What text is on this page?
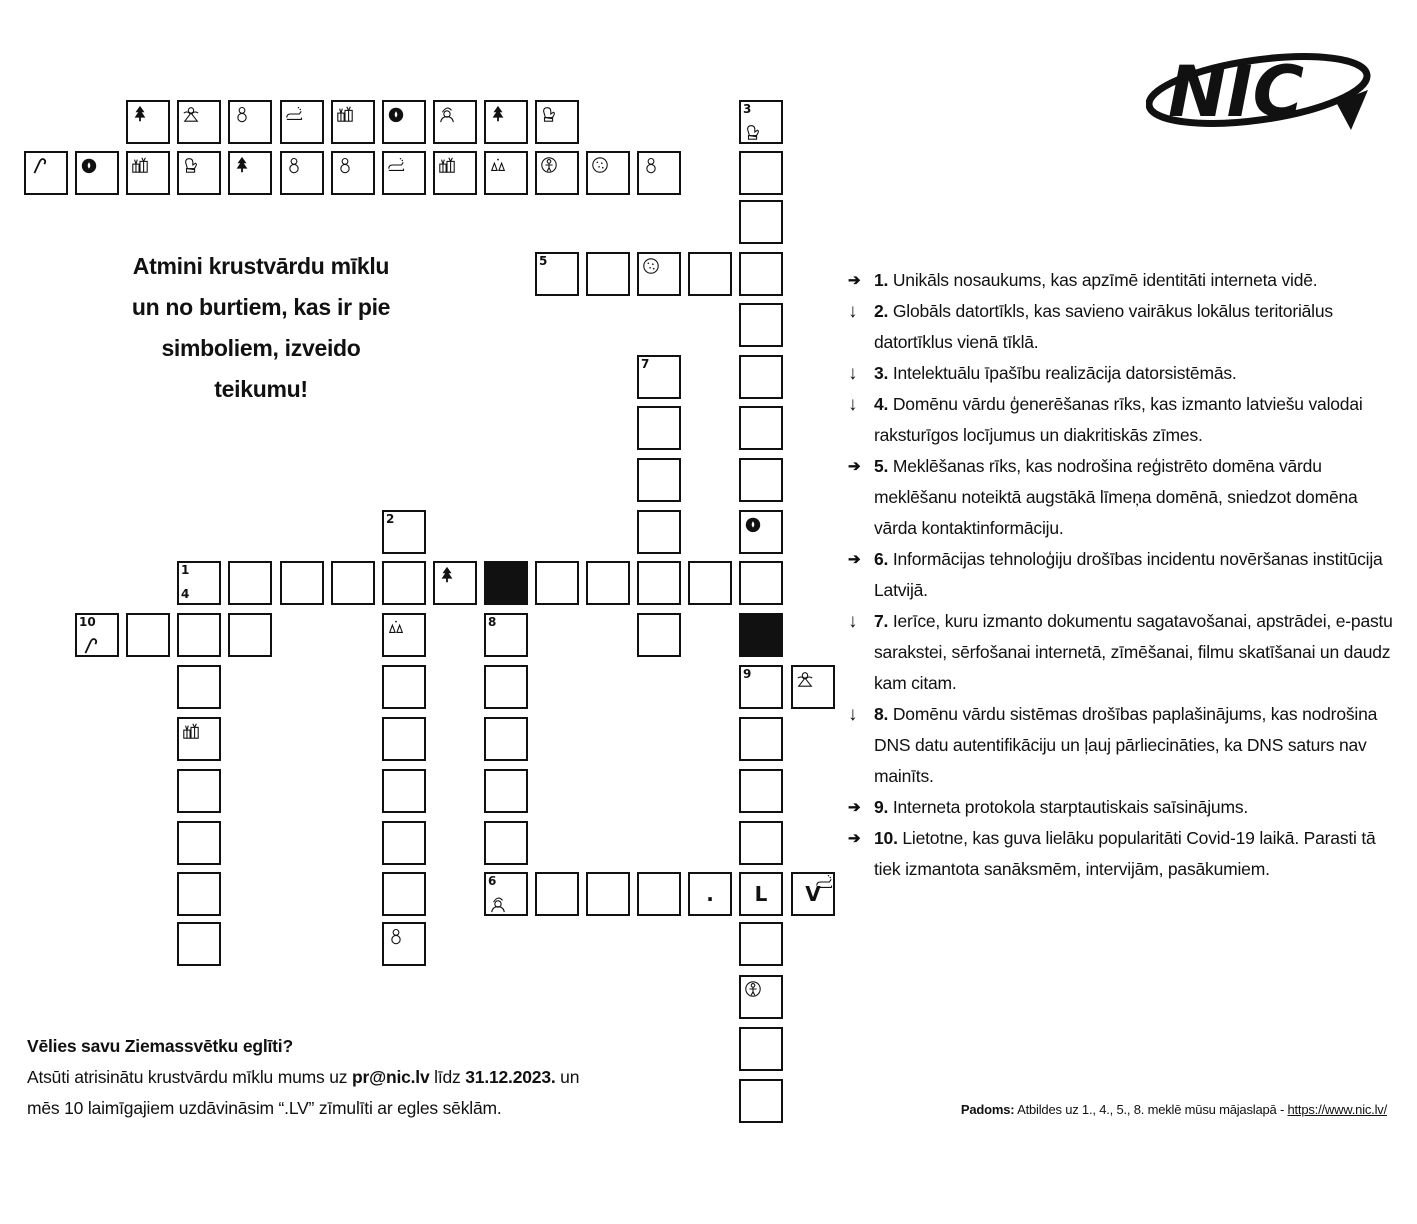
NIC
3
5
7
2
1
4
10	8
9
6
.	L	V
Atmini krustvārdu mīklu
un no burtiem, kas ir pie
simboliem, izveido
teikumu!
➔ 1. Unikāls nosaukums, kas apzīmē identitāti interneta vidē.
↓ 2. Globāls datortīkls, kas savieno vairākus lokālus teritoriālus datortīklus vienā tīklā.
↓ 3. Intelektuālu īpašību realizācija datorsistēmās.
↓ 4. Domēnu vārdu ģenerēšanas rīks, kas izmanto latviešu valodai raksturīgos locījumus un diakritiskās zīmes.
➔ 5. Meklēšanas rīks, kas nodrošina reģistrēto domēna vārdu meklēšanu noteiktā augstākā līmeņa domēnā, sniedzot domēna vārda kontaktinformāciju.
➔ 6. Informācijas tehnoloģiju drošības incidentu novēršanas institūcija Latvijā.
↓ 7. Ierīce, kuru izmanto dokumentu sagatavošanai, apstrādei, e-pastu sarakstei, sērfošanai internetā, zīmēšanai, filmu skatīšanai un daudz kam citam.
↓ 8. Domēnu vārdu sistēmas drošības paplašinājums, kas nodrošina DNS datu autentifikāciju un ļauj pārliecināties, ka DNS saturs nav mainīts.
➔ 9. Interneta protokola starptautiskais saīsinājums.
➔ 10. Lietotne, kas guva lielāku popularitāti Covid-19 laikā. Parasti tā tiek izmantota sanāksmēm, intervijām, pasākumiem.
Vēlies savu Ziemassvētku eglīti?
Atsūti atrisinātu krustvārdu mīklu mums uz pr@nic.lv līdz 31.12.2023. un
mēs 10 laimīgajiem uzdāvināsim “.LV” zīmulīti ar egles sēklām.	Padoms: Atbildes uz 1., 4., 5., 8. meklē mūsu mājaslapā - https://www.nic.lv/
